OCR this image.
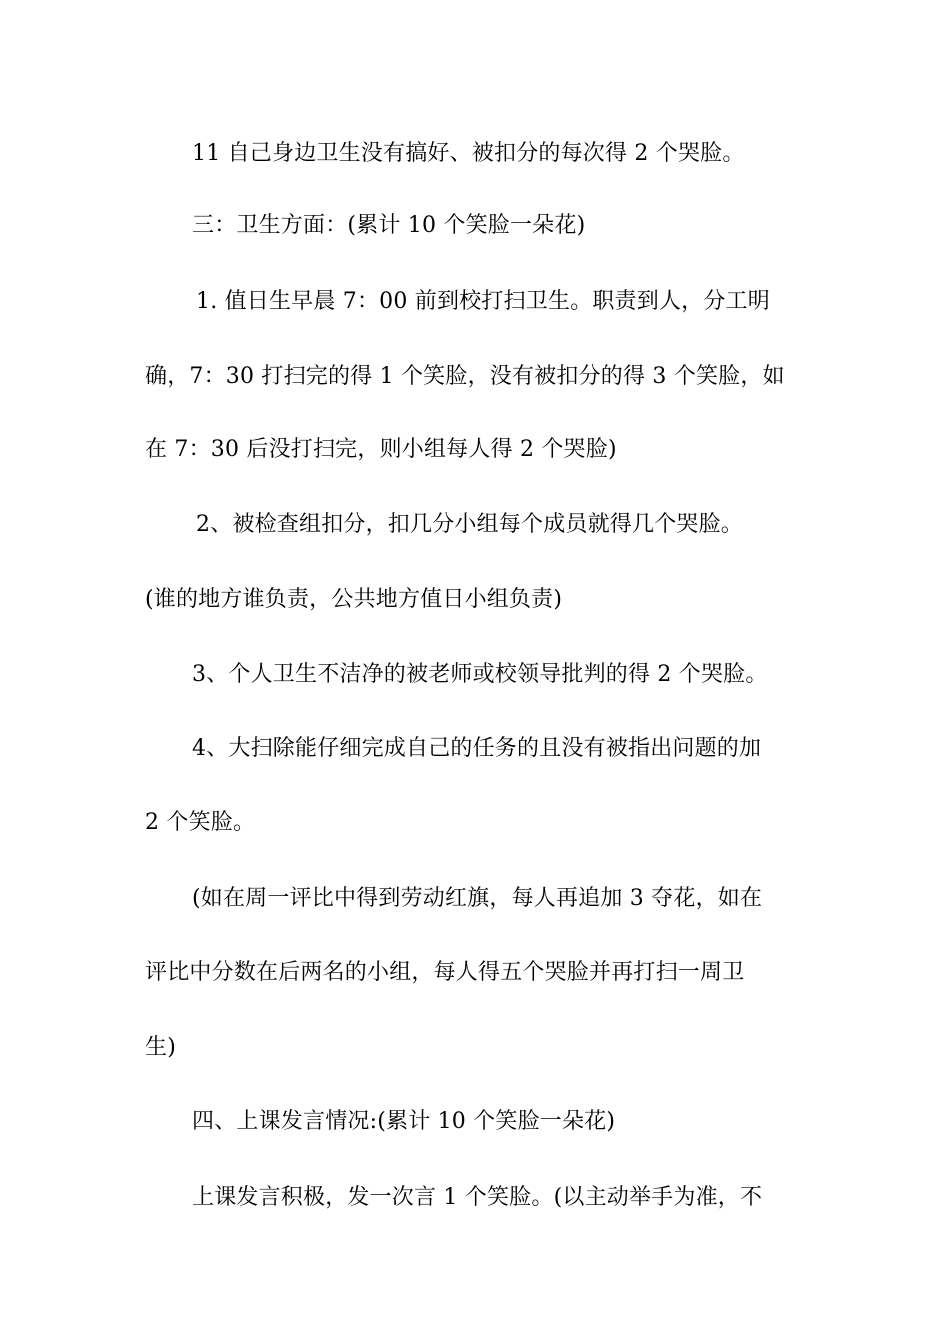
11 自己身边卫生没有搞好、被扣分的每次得 2 个哭脸。
三：卫生方面：(累计 10 个笑脸一朵花)
1. 值日生早晨 7：00 前到校打扫卫生。职责到人，分工明
确，7：30 打扫完的得 1 个笑脸，没有被扣分的得 3 个笑脸，如
在 7：30 后没打扫完，则小组每人得 2 个哭脸)
2、被检查组扣分，扣几分小组每个成员就得几个哭脸。
(谁的地方谁负责，公共地方值日小组负责)
3、个人卫生不洁净的被老师或校领导批判的得 2 个哭脸。
4、大扫除能仔细完成自己的任务的且没有被指出问题的加
2 个笑脸。
(如在周一评比中得到劳动红旗，每人再追加 3 夺花，如在
评比中分数在后两名的小组，每人得五个哭脸并再打扫一周卫
生)
四、上课发言情况:(累计 10 个笑脸一朵花)
上课发言积极，发一次言 1 个笑脸。(以主动举手为准，不
